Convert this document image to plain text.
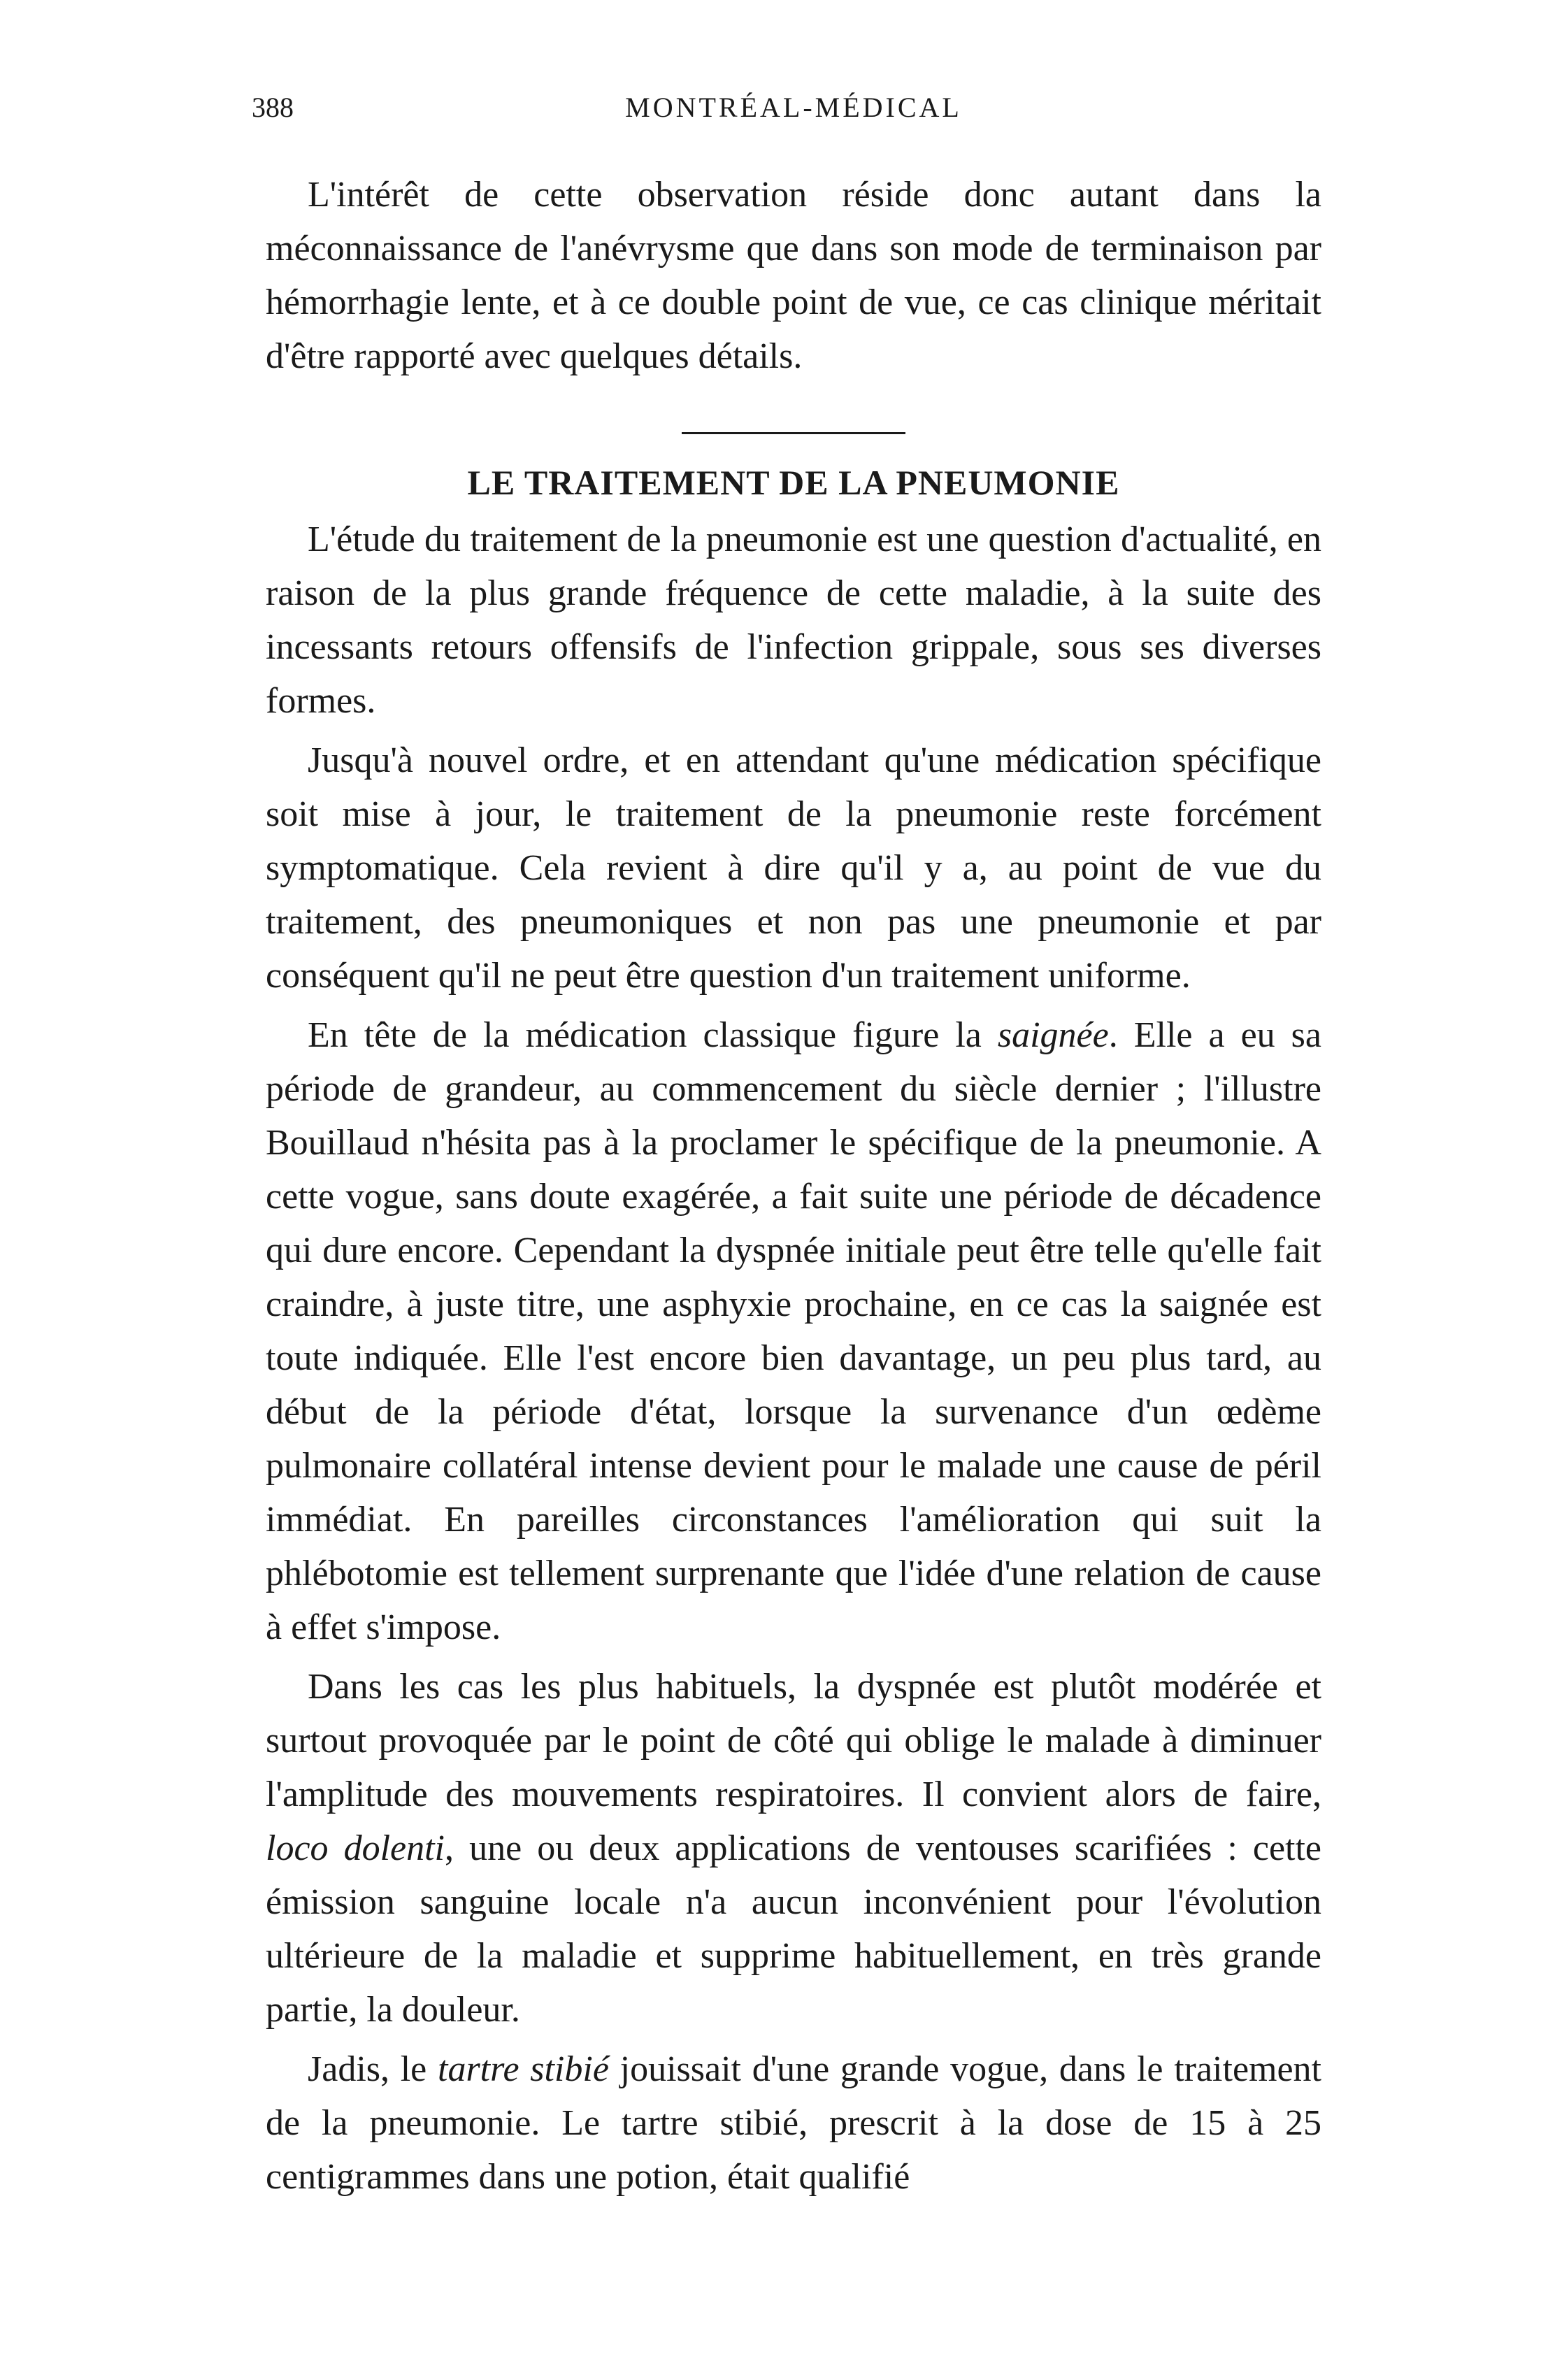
388	MONTRÉAL-MÉDICAL

L'intérêt de cette observation réside donc autant dans la méconnaissance de l'anévrysme que dans son mode de terminaison par hémorrhagie lente, et à ce double point de vue, ce cas clinique méritait d'être rapporté avec quelques détails.

LE TRAITEMENT DE LA PNEUMONIE

L'étude du traitement de la pneumonie est une question d'actualité, en raison de la plus grande fréquence de cette maladie, à la suite des incessants retours offensifs de l'infection grippale, sous ses diverses formes.

Jusqu'à nouvel ordre, et en attendant qu'une médication spécifique soit mise à jour, le traitement de la pneumonie reste forcément symptomatique. Cela revient à dire qu'il y a, au point de vue du traitement, des pneumoniques et non pas une pneumonie et par conséquent qu'il ne peut être question d'un traitement uniforme.

En tête de la médication classique figure la saignée. Elle a eu sa période de grandeur, au commencement du siècle dernier ; l'illustre Bouillaud n'hésita pas à la proclamer le spécifique de la pneumonie. A cette vogue, sans doute exagérée, a fait suite une période de décadence qui dure encore. Cependant la dyspnée initiale peut être telle qu'elle fait craindre, à juste titre, une asphyxie prochaine, en ce cas la saignée est toute indiquée. Elle l'est encore bien davantage, un peu plus tard, au début de la période d'état, lorsque la survenance d'un œdème pulmonaire collatéral intense devient pour le malade une cause de péril immédiat. En pareilles circonstances l'amélioration qui suit la phlébotomie est tellement surprenante que l'idée d'une relation de cause à effet s'impose.

Dans les cas les plus habituels, la dyspnée est plutôt modérée et surtout provoquée par le point de côté qui oblige le malade à diminuer l'amplitude des mouvements respiratoires. Il convient alors de faire, loco dolenti, une ou deux applications de ventouses scarifiées : cette émission sanguine locale n'a aucun inconvénient pour l'évolution ultérieure de la maladie et supprime habituellement, en très grande partie, la douleur.

Jadis, le tartre stibié jouissait d'une grande vogue, dans le traitement de la pneumonie. Le tartre stibié, prescrit à la dose de 15 à 25 centigrammes dans une potion, était qualifié
